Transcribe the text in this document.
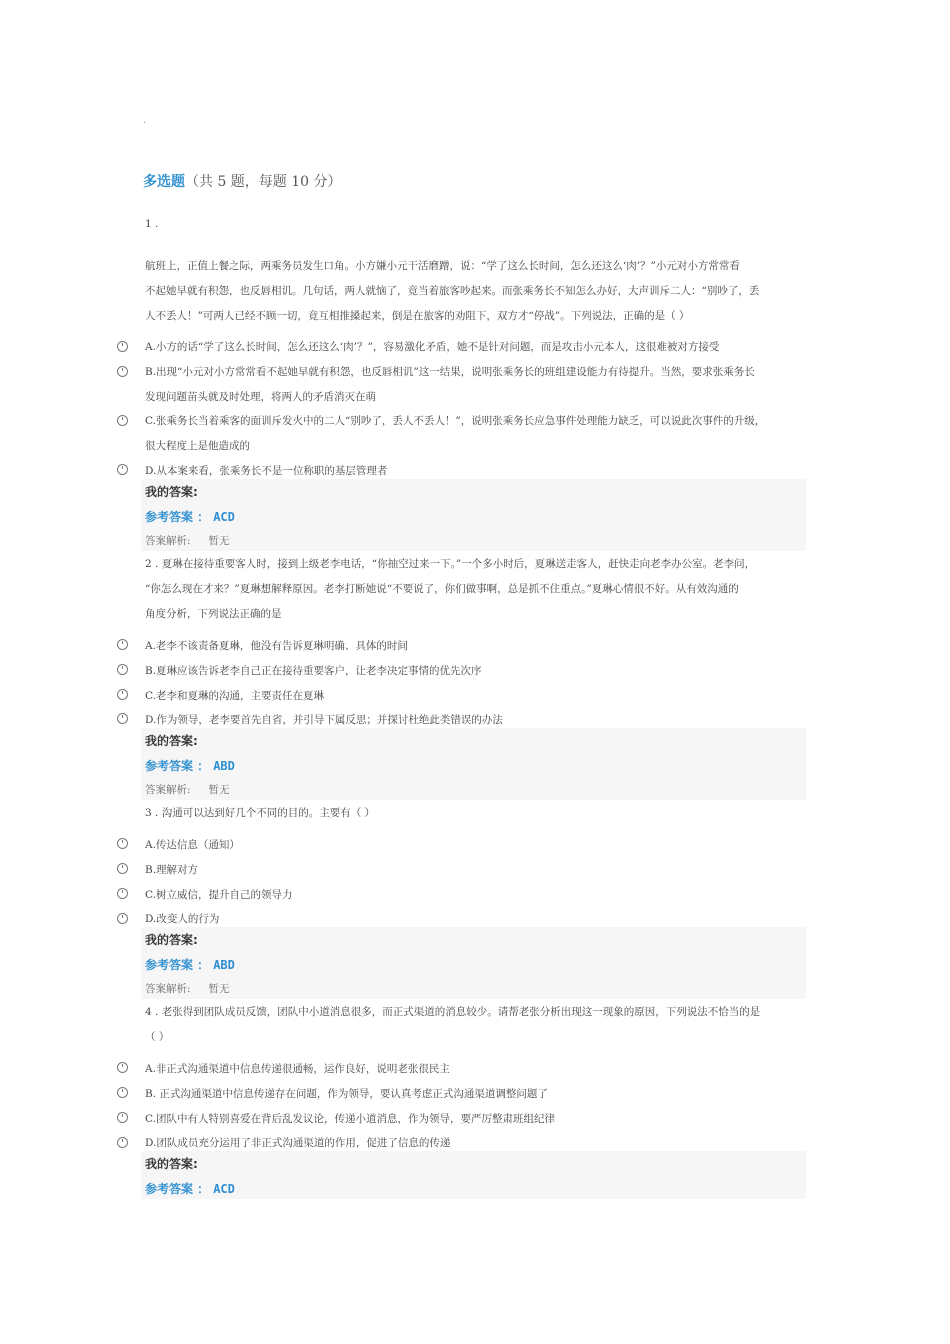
·
多选题（共 5 题，每题 10 分）
1 .
航班上，正值上餐之际，两乘务员发生口角。小方嫌小元干活磨蹭，说：“学了这么长时间，怎么还这么‘肉’？”小元对小方常常看
不起她早就有积怨，也反唇相讥。几句话，两人就恼了，竟当着旅客吵起来。而张乘务长不知怎么办好，大声训斥二人：“别吵了，丢
人不丢人！”可两人已经不顾一切，竟互相推搡起来，倒是在旅客的劝阻下，双方才“停战”。下列说法，正确的是（ ）
A.小方的话“学了这么长时间，怎么还这么‘肉’？”，容易激化矛盾，她不是针对问题，而是攻击小元本人，这很难被对方接受
B.出现“小元对小方常常看不起她早就有积怨，也反唇相讥”这一结果，说明张乘务长的班组建设能力有待提升。当然，要求张乘务长
发现问题苗头就及时处理，将两人的矛盾消灭在萌
C.张乘务长当着乘客的面训斥发火中的二人“别吵了，丢人不丢人！”，说明张乘务长应急事件处理能力缺乏，可以说此次事件的升级，
很大程度上是他造成的
D.从本案来看，张乘务长不是一位称职的基层管理者
我的答案:
参考答案 ： ACD
答案解析: 暂无
2 . 夏琳在接待重要客人时，接到上级老李电话，“你抽空过来一下。”一个多小时后，夏琳送走客人，赶快走向老李办公室。老李问，
“你怎么现在才来？”夏琳想解释原因。老李打断她说“不要说了，你们做事啊，总是抓不住重点。”夏琳心情很不好。从有效沟通的
角度分析，下列说法正确的是
A.老李不该责备夏琳，他没有告诉夏琳明确、具体的时间
B.夏琳应该告诉老李自己正在接待重要客户，让老李决定事情的优先次序
C.老李和夏琳的沟通，主要责任在夏琳
D.作为领导，老李要首先自省，并引导下属反思；并探讨杜绝此类错误的办法
我的答案:
参考答案 ： ABD
答案解析: 暂无
3 . 沟通可以达到好几个不同的目的。主要有（ ）
A.传达信息（通知）
B.理解对方
C.树立威信，提升自己的领导力
D.改变人的行为
我的答案:
参考答案 ： ABD
答案解析: 暂无
4 . 老张得到团队成员反馈，团队中小道消息很多，而正式渠道的消息较少。请帮老张分析出现这一现象的原因，下列说法不恰当的是
（ ）
A.非正式沟通渠道中信息传递很通畅，运作良好，说明老张很民主
B. 正式沟通渠道中信息传递存在问题，作为领导，要认真考虑正式沟通渠道调整问题了
C.团队中有人特别喜爱在背后乱发议论，传递小道消息，作为领导，要严厉整肃班组纪律
D.团队成员充分运用了非正式沟通渠道的作用，促进了信息的传递
我的答案:
参考答案 ： ACD
